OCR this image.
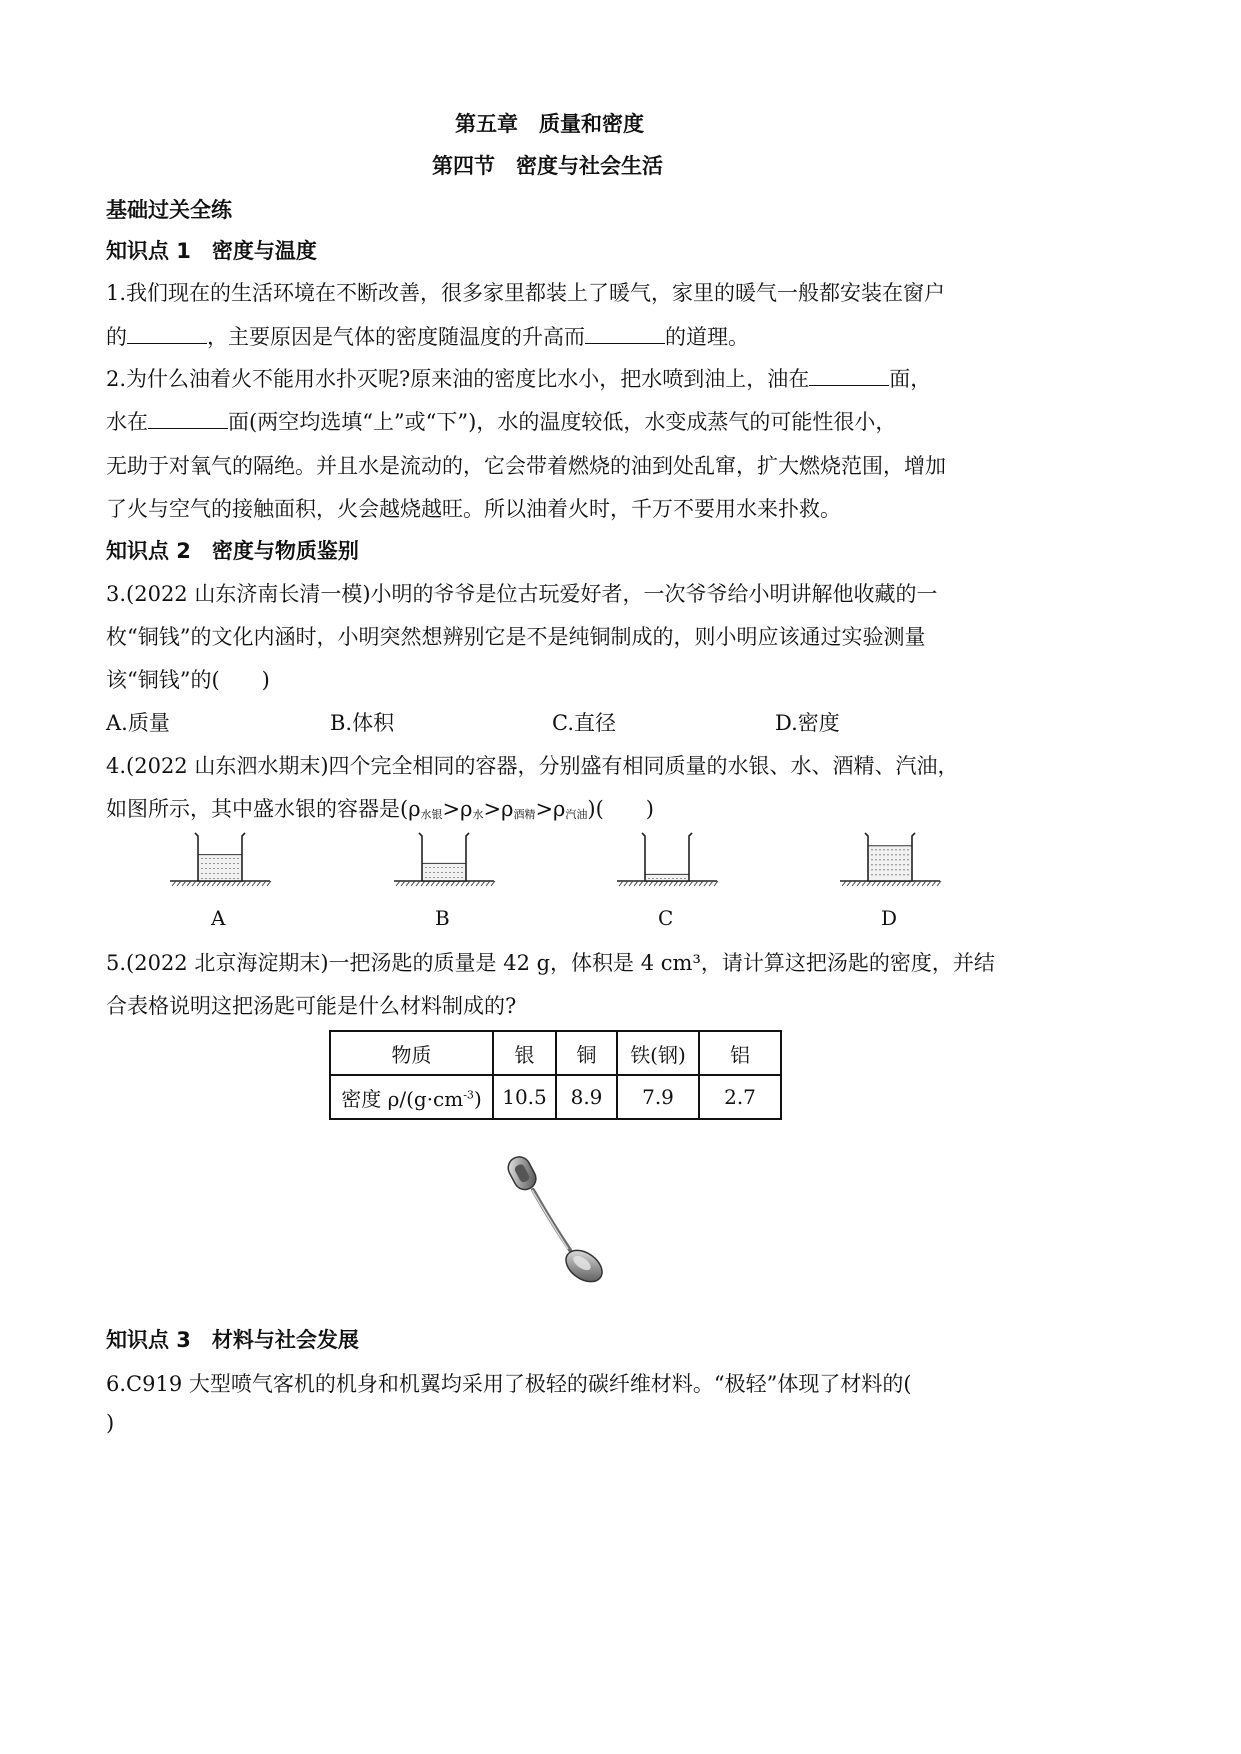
第五章　质量和密度
第四节　密度与社会生活
基础过关全练
知识点 1　密度与温度
1.我们现在的生活环境在不断改善，很多家里都装上了暖气，家里的暖气一般都安装在窗户
的	，主要原因是气体的密度随温度的升高而	的道理。
2.为什么油着火不能用水扑灭呢?原来油的密度比水小，把水喷到油上，油在	面，
水在	面(两空均选填“上”或“下”)，水的温度较低，水变成蒸气的可能性很小，
无助于对氧气的隔绝。并且水是流动的，它会带着燃烧的油到处乱窜，扩大燃烧范围，增加
了火与空气的接触面积，火会越烧越旺。所以油着火时，千万不要用水来扑救。
知识点 2　密度与物质鉴别
3.(2022 山东济南长清一模)小明的爷爷是位古玩爱好者，一次爷爷给小明讲解他收藏的一
枚“铜钱”的文化内涵时，小明突然想辨别它是不是纯铜制成的，则小明应该通过实验测量
该“铜钱”的(　　)
A.质量	B.体积	C.直径	D.密度
4.(2022 山东泗水期末)四个完全相同的容器，分别盛有相同质量的水银、水、酒精、汽油，
如图所示，其中盛水银的容器是$(\rho_{水银}>\rho_水>\rho_{酒精}>\rho_{汽油})$(　　)
A	B	C	D
5.(2022 北京海淀期末)一把汤匙的质量是 42 g，体积是 4 cm³，请计算这把汤匙的密度，并结
合表格说明这把汤匙可能是什么材料制成的?
物质	银	铜	铁(钢)	铝
密度 $\rho/(g\cdot cm^{-3})$	10.5	8.9	7.9	2.7
知识点 3　材料与社会发展
6.C919 大型喷气客机的机身和机翼均采用了极轻的碳纤维材料。“极轻”体现了材料的(
)
